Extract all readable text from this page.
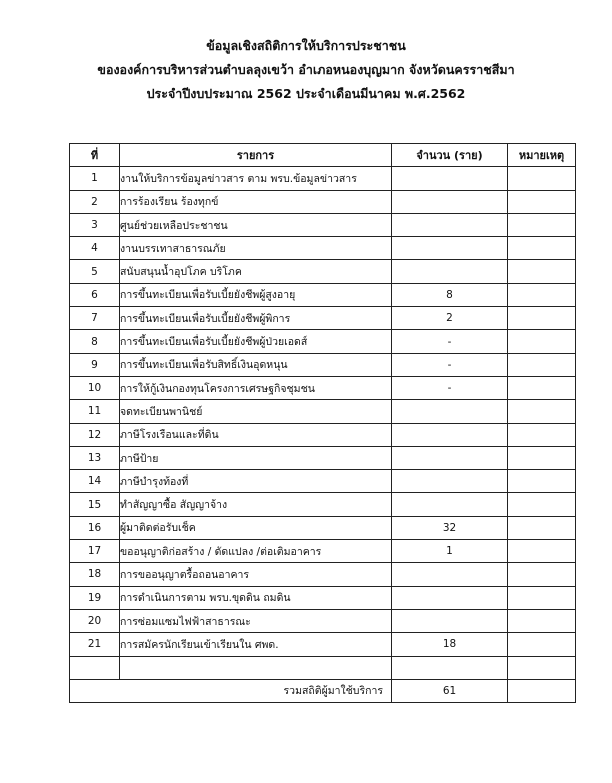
ข้อมูลเชิงสถิติการให้บริการประชาชน
ขององค์การบริหารส่วนตำบลลุงเขว้า อำเภอหนองบุญมาก จังหวัดนครราชสีมา
ประจำปีงบประมาณ 2562 ประจำเดือนมีนาคม พ.ศ.2562
ที่	รายการ	จำนวน (ราย)	หมายเหตุ
1	งานให้บริการข้อมูลข่าวสาร ตาม พรบ.ข้อมูลข่าวสาร		
2	การร้องเรียน ร้องทุกข์		
3	ศูนย์ช่วยเหลือประชาชน		
4	งานบรรเทาสาธารณภัย		
5	สนับสนุนน้ำอุปโภค บริโภค		
6	การขึ้นทะเบียนเพื่อรับเบี้ยยังชีพผู้สูงอายุ	8	
7	การขึ้นทะเบียนเพื่อรับเบี้ยยังชีพผู้พิการ	2	
8	การขึ้นทะเบียนเพื่อรับเบี้ยยังชีพผู้ป่วยเอดส์	-	
9	การขึ้นทะเบียนเพื่อรับสิทธิ์เงินอุดหนุน	-	
10	การให้กู้เงินกองทุนโครงการเศรษฐกิจชุมชน	-	
11	จดทะเบียนพานิชย์		
12	ภาษีโรงเรือนและที่ดิน		
13	ภาษีป้าย		
14	ภาษีบำรุงท้องที่		
15	ทำสัญญาซื้อ สัญญาจ้าง		
16	ผู้มาติดต่อรับเช็ค	32	
17	ขออนุญาติก่อสร้าง / ดัดแปลง /ต่อเติมอาคาร	1	
18	การขออนุญาตรื้อถอนอาคาร		
19	การดำเนินการตาม พรบ.ขุดดิน ถมดิน		
20	การซ่อมแซมไฟฟ้าสาธารณะ		
21	การสมัครนักเรียนเข้าเรียนใน ศพด.	18	

รวมสถิติผู้มาใช้บริการ		61	
